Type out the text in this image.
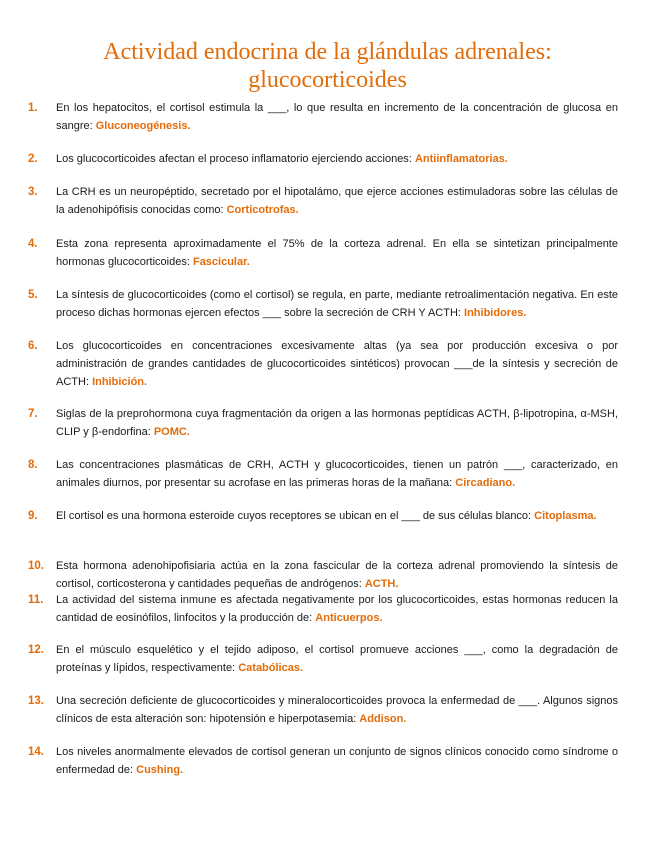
Actividad endocrina de la glándulas adrenales:
glucocorticoides
1.	En los hepatocitos, el cortisol estimula la ___, lo que resulta en incremento de la concentración de glucosa en sangre: Gluconeogénesis.
2.	Los glucocorticoides afectan el proceso inflamatorio ejerciendo acciones: Antiinflamatorias.
3.	La CRH es un neuropéptido, secretado por el hipotalámo, que ejerce acciones estimuladoras sobre las células de la adenohipófisis conocidas como: Corticotrofas.
4.	Esta zona representa aproximadamente el 75% de la corteza adrenal. En ella se sintetizan principalmente hormonas glucocorticoides: Fascicular.
5.	La síntesis de glucocorticoides (como el cortisol) se regula, en parte, mediante retroalimentación negativa. En este proceso dichas hormonas ejercen efectos ___ sobre la secreción de CRH Y ACTH: Inhibidores.
6.	Los glucocorticoides en concentraciones excesivamente altas (ya sea por producción excesiva o por administración de grandes cantidades de glucocorticoides sintéticos) provocan ___de la síntesis y secreción de ACTH: Inhibición.
7.	Siglas de la preprohormona cuya fragmentación da origen a las hormonas peptídicas ACTH, β-lipotropina, α-MSH, CLIP y β-endorfina: POMC.
8.	Las concentraciones plasmáticas de CRH, ACTH y glucocorticoides, tienen un patrón ___, caracterizado, en animales diurnos, por presentar su acrofase en las primeras horas de la mañana: Circadiano.
9.	El cortisol es una hormona esteroide cuyos receptores se ubican en el ___ de sus células blanco: Citoplasma.
10.	Esta hormona adenohipofisiaria actúa en la zona fascicular de la corteza adrenal promoviendo la síntesis de cortisol, corticosterona y cantidades pequeñas de andrógenos: ACTH.
11.	La actividad del sistema inmune es afectada negativamente por los glucocorticoides, estas hormonas reducen la cantidad de eosinófilos, linfocitos y la producción de: Anticuerpos.
12.	En el músculo esquelético y el tejido adiposo, el cortisol promueve acciones ___, como la degradación de proteínas y lípidos, respectivamente: Catabólicas.
13.	Una secreción deficiente de glucocorticoides y mineralocorticoides provoca la enfermedad de ___. Algunos signos clínicos de esta alteración son: hipotensión e hiperpotasemia: Addison.
14.	Los niveles anormalmente elevados de cortisol generan un conjunto de signos clínicos conocido como síndrome o enfermedad de: Cushing.
